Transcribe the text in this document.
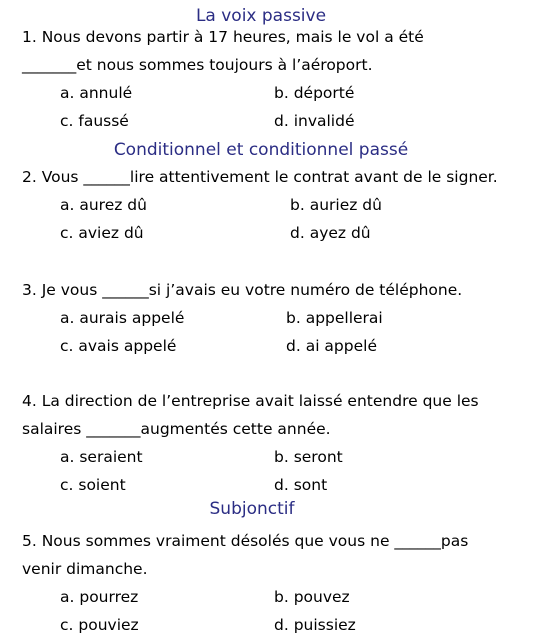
La voix passive
1. Nous devons partir à 17 heures, mais le vol a été
_______et nous sommes toujours à l’aéroport.
a. annulé	b. déporté
c. faussé	d. invalidé
Conditionnel et conditionnel passé
2. Vous ______lire attentivement le contrat avant de le signer.
a. aurez dû	b. auriez dû
c. aviez dû	d. ayez dû
3. Je vous ______si j’avais eu votre numéro de téléphone.
a. aurais appelé	b. appellerai
c. avais appelé	d. ai appelé
4. La direction de l’entreprise avait laissé entendre que les
salaires _______augmentés cette année.
a. seraient	b. seront
c. soient	d. sont
Subjonctif
5. Nous sommes vraiment désolés que vous ne ______pas
venir dimanche.
a. pourrez	b. pouvez
c. pouviez	d. puissiez
